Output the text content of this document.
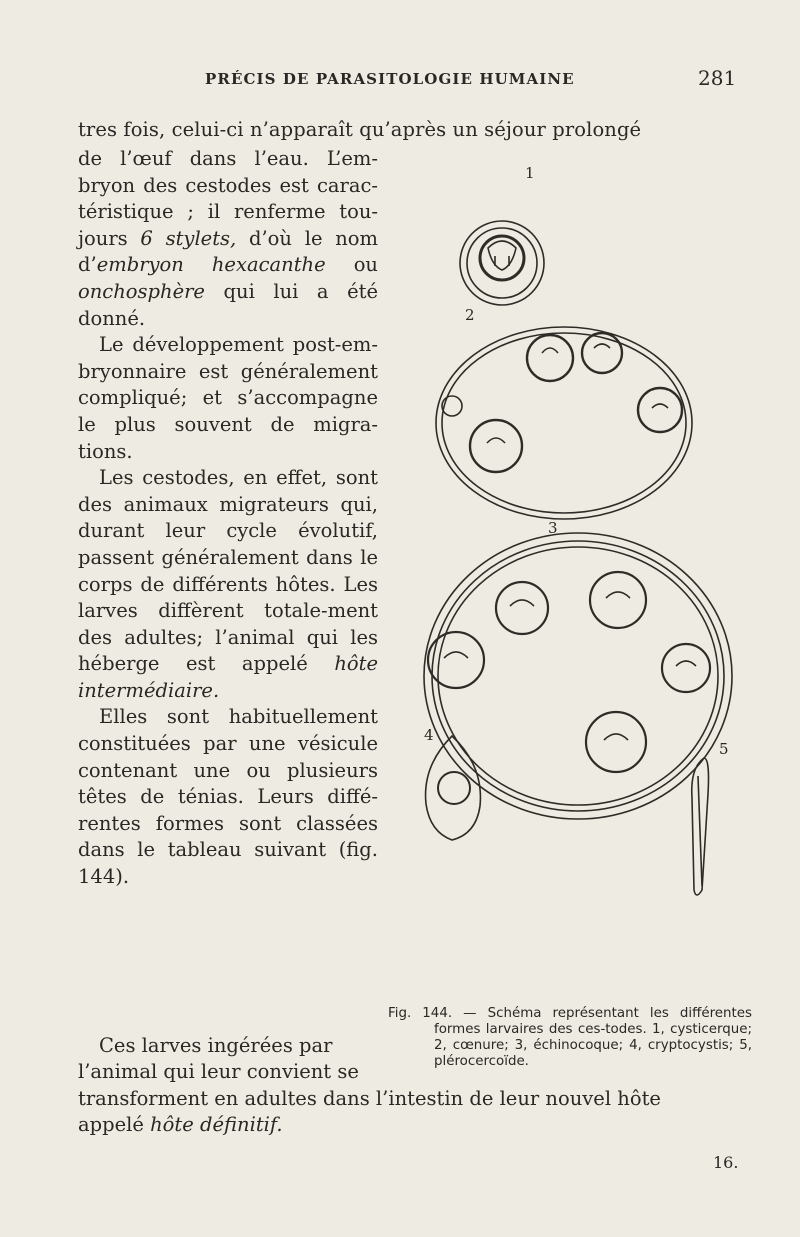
PRÉCIS DE PARASITOLOGIE HUMAINE	281
tres fois, celui-ci n’apparaît qu’après un séjour prolongé

de l’œuf dans l’eau. L’em-bryon des cestodes est carac-téristique ; il renferme tou-jours 6 stylets, d’où le nom d’embryon hexacanthe ou onchosphère qui lui a été donné.

Le développement post-em-bryonnaire est généralement compliqué; et s’accompagne le plus souvent de migra-tions.

Les cestodes, en effet, sont des animaux migrateurs qui, durant leur cycle évolutif, passent généralement dans le corps de différents hôtes. Les larves diffèrent totale-ment des adultes; l’animal qui les héberge est appelé hôte intermédiaire.

Elles sont habituellement constituées par une vésicule contenant une ou plusieurs têtes de ténias. Leurs diffé-rentes formes sont classées dans le tableau suivant (fig. 144).

Ces larves ingérées par

l’animal qui leur convient se

transforment en adultes dans l’intestin de leur nouvel hôte

appelé hôte définitif.

1
2
3
4
5
Fig. 144. — Schéma représentant les différentes formes larvaires des ces-todes. 1, cysticerque; 2, cœnure; 3, échinocoque; 4, cryptocystis; 5, plérocercoïde.
16.
